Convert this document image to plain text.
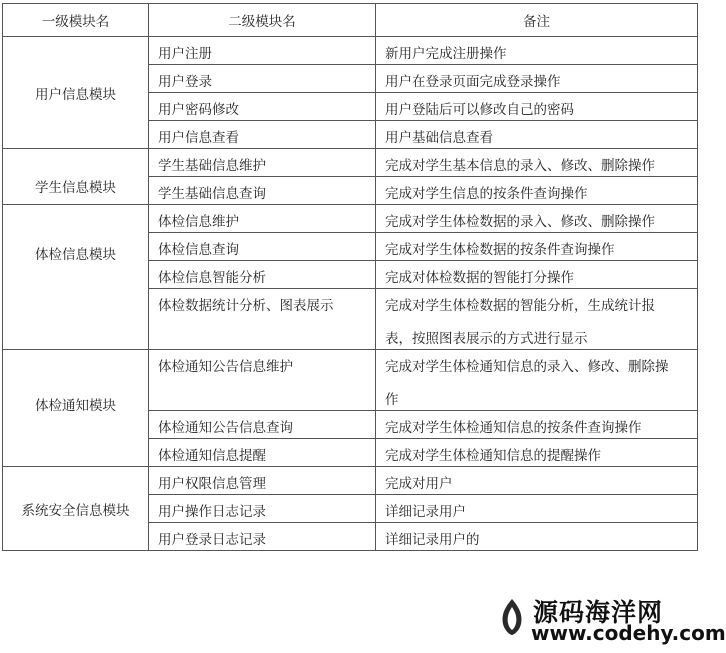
一级模块名	二级模块名	备注
用户信息模块	用户注册	新用户完成注册操作

	用户登录	用户在登录页面完成登录操作

	用户密码修改	用户登陆后可以修改自己的密码

	用户信息查看	用户基础信息查看

学生信息模块	学生基础信息维护	完成对学生基本信息的录入、修改、删除操作

	学生基础信息查询	完成对学生信息的按条件查询操作

体检信息模块	体检信息维护	完成对学生体检数据的录入、修改、删除操作

	体检信息查询	完成对学生体检数据的按条件查询操作

	体检信息智能分析	完成对体检数据的智能打分操作

	体检数据统计分析、图表展示	完成对学生体检数据的智能分析，生成统计报
表，按照图表展示的方式进行显示

体检通知模块	体检通知公告信息维护	完成对学生体检通知信息的录入、修改、删除操
作

	体检通知公告信息查询	完成对学生体检通知信息的按条件查询操作

	体检通知信息提醒	完成对学生体检通知信息的提醒操作

系统安全信息模块	用户权限信息管理	完成对用户

	用户操作日志记录	详细记录用户

	用户登录日志记录	详细记录用户的
源码海洋网
www.codehy.com
